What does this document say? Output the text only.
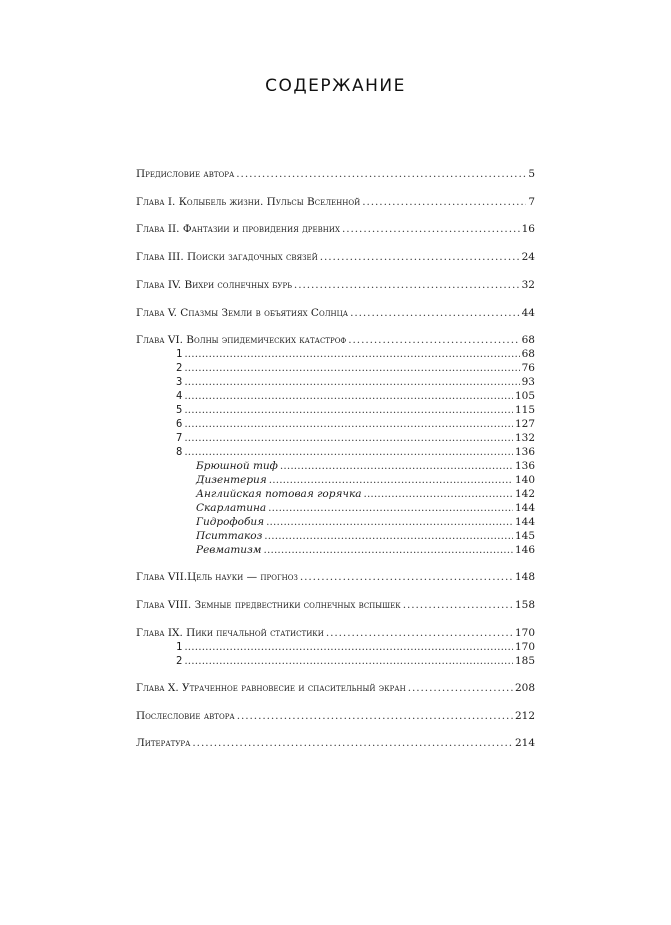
СОДЕРЖАНИЕ
Предисловие автора . . .	5
Глава I. Колыбель жизни. Пульсы Вселенной . . .	7
Глава II. Фантазии и провидения древних . . .	16
Глава III. Поиски загадочных связей . . .	24
Глава IV. Вихри солнечных бурь . . .	32
Глава V. Спазмы Земли в объятиях Солнца . . .	44
Глава VI. Волны эпидемических катастроф . . .	68
1 . . .	68
2 . . .	76
3 . . .	93
4 . . .	105
5 . . .	115
6 . . .	127
7 . . .	132
8 . . .	136
Брюшной тиф . . .	136
Дизентерия . . .	140
Английская потовая горячка . . .	142
Скарлатина . . .	144
Гидрофобия . . .	144
Пситтакоз . . .	145
Ревматизм . . .	146
Глава VII.Цель науки — прогноз . . .	148
Глава VIII. Земные предвестники солнечных вспышек . . .	158
Глава IX. Пики печальной статистики . . .	170
1 . . .	170
2 . . .	185
Глава X. Утраченное равновесие и спасительный экран . . .	208
Послесловие автора . . .	212
Литература . . .	214
